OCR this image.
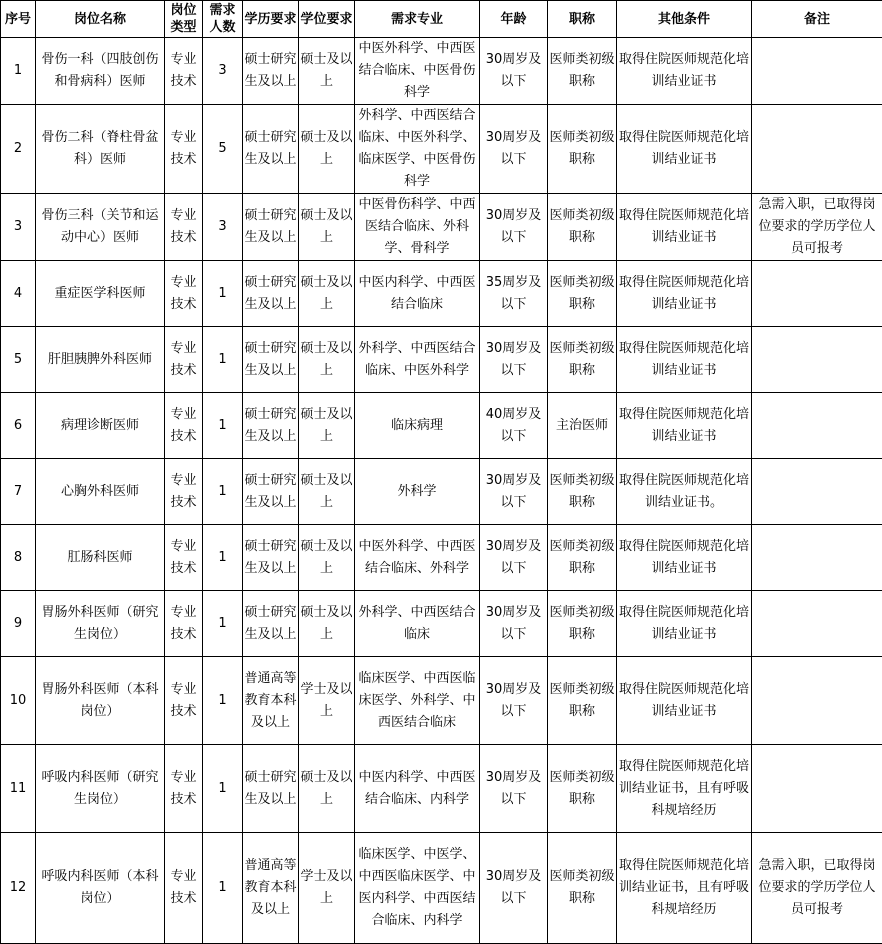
序号	岗位名称	岗位类型	需求人数	学历要求	学位要求	需求专业	年龄	职称	其他条件	备注
1	骨伤一科（四肢创伤和骨病科）医师	专业技术	3	硕士研究生及以上	硕士及以上	中医外科学、中西医结合临床、中医骨伤科学	30周岁及以下	医师类初级职称	取得住院医师规范化培训结业证书	
2	骨伤二科（脊柱骨盆科）医师	专业技术	5	硕士研究生及以上	硕士及以上	外科学、中西医结合临床、中医外科学、临床医学、中医骨伤科学	30周岁及以下	医师类初级职称	取得住院医师规范化培训结业证书	
3	骨伤三科（关节和运动中心）医师	专业技术	3	硕士研究生及以上	硕士及以上	中医骨伤科学、中西医结合临床、外科学、骨科学	30周岁及以下	医师类初级职称	取得住院医师规范化培训结业证书	急需入职，已取得岗位要求的学历学位人员可报考
4	重症医学科医师	专业技术	1	硕士研究生及以上	硕士及以上	中医内科学、中西医结合临床	35周岁及以下	医师类初级职称	取得住院医师规范化培训结业证书	
5	肝胆胰脾外科医师	专业技术	1	硕士研究生及以上	硕士及以上	外科学、中西医结合临床、中医外科学	30周岁及以下	医师类初级职称	取得住院医师规范化培训结业证书	
6	病理诊断医师	专业技术	1	硕士研究生及以上	硕士及以上	临床病理	40周岁及以下	主治医师	取得住院医师规范化培训结业证书	
7	心胸外科医师	专业技术	1	硕士研究生及以上	硕士及以上	外科学	30周岁及以下	医师类初级职称	取得住院医师规范化培训结业证书。	
8	肛肠科医师	专业技术	1	硕士研究生及以上	硕士及以上	中医外科学、中西医结合临床、外科学	30周岁及以下	医师类初级职称	取得住院医师规范化培训结业证书	
9	胃肠外科医师（研究生岗位）	专业技术	1	硕士研究生及以上	硕士及以上	外科学、中西医结合临床	30周岁及以下	医师类初级职称	取得住院医师规范化培训结业证书	
10	胃肠外科医师（本科岗位）	专业技术	1	普通高等教育本科及以上	学士及以上	临床医学、中西医临床医学、外科学、中西医结合临床	30周岁及以下	医师类初级职称	取得住院医师规范化培训结业证书	
11	呼吸内科医师（研究生岗位）	专业技术	1	硕士研究生及以上	硕士及以上	中医内科学、中西医结合临床、内科学	30周岁及以下	医师类初级职称	取得住院医师规范化培训结业证书，且有呼吸科规培经历	
12	呼吸内科医师（本科岗位）	专业技术	1	普通高等教育本科及以上	学士及以上	临床医学、中医学、中西医临床医学、中医内科学、中西医结合临床、内科学	30周岁及以下	医师类初级职称	取得住院医师规范化培训结业证书，且有呼吸科规培经历	急需入职，已取得岗位要求的学历学位人员可报考
